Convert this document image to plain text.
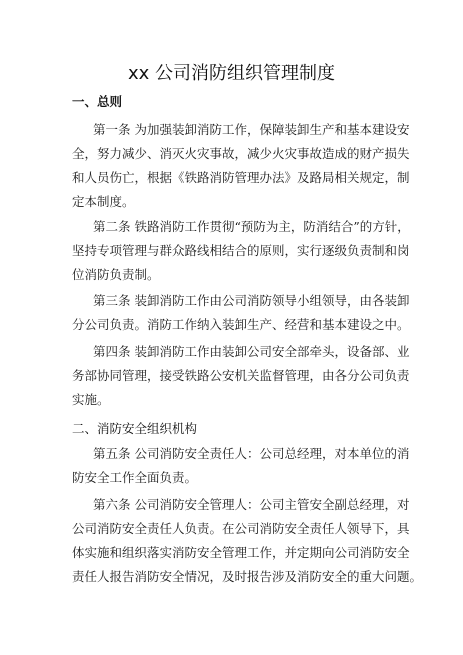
xx 公司消防组织管理制度
一、总则
第一条 为加强装卸消防工作，保障装卸生产和基本建设安
全，努力减少、消灭火灾事故，减少火灾事故造成的财产损失
和人员伤亡，根据《铁路消防管理办法》及路局相关规定，制
定本制度。
第二条 铁路消防工作贯彻“预防为主，防消结合”的方针，
坚持专项管理与群众路线相结合的原则，实行逐级负责制和岗
位消防负责制。
第三条 装卸消防工作由公司消防领导小组领导，由各装卸
分公司负责。消防工作纳入装卸生产、经营和基本建设之中。
第四条 装卸消防工作由装卸公司安全部牵头，设备部、业
务部协同管理，接受铁路公安机关监督管理，由各分公司负责
实施。
二、消防安全组织机构
第五条 公司消防安全责任人：公司总经理，对本单位的消
防安全工作全面负责。
第六条 公司消防安全管理人：公司主管安全副总经理，对
公司消防安全责任人负责。在公司消防安全责任人领导下，具
体实施和组织落实消防安全管理工作，并定期向公司消防安全
责任人报告消防安全情况，及时报告涉及消防安全的重大问题。
